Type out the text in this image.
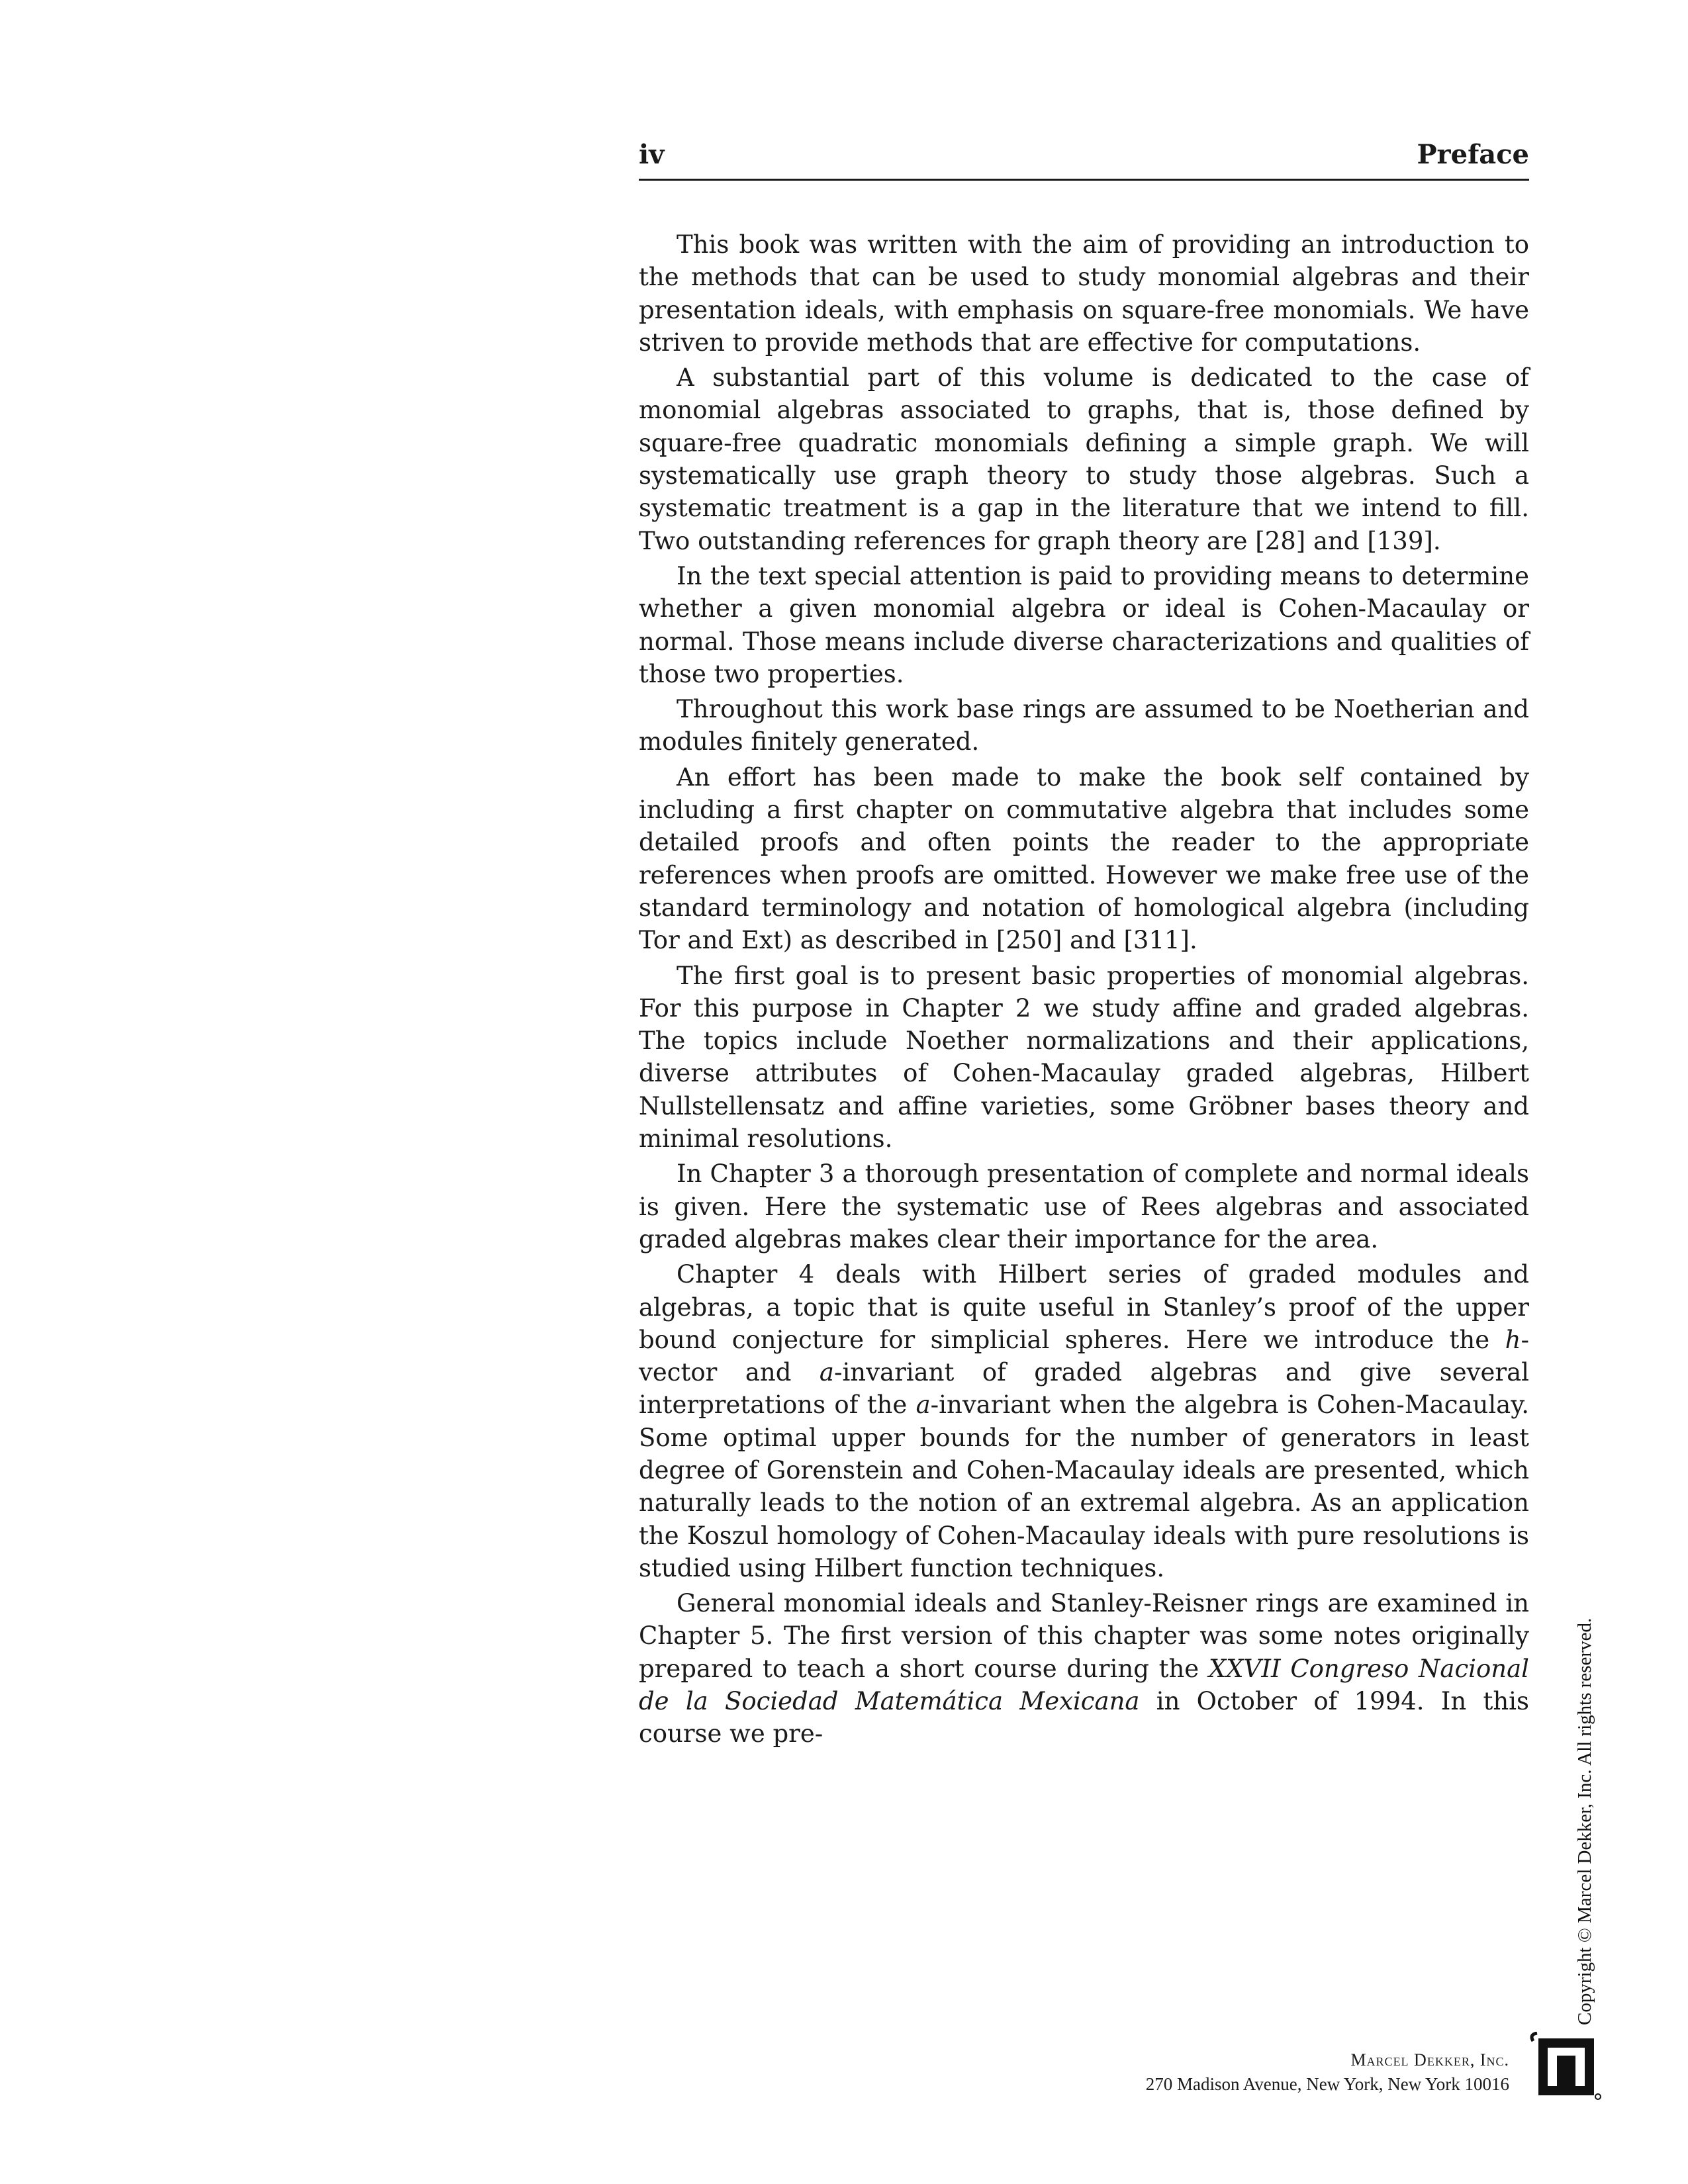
iv	Preface

This book was written with the aim of providing an introduction to the methods that can be used to study monomial algebras and their presentation ideals, with emphasis on square-free monomials. We have striven to provide methods that are effective for computations.

A substantial part of this volume is dedicated to the case of monomial algebras associated to graphs, that is, those defined by square-free quadratic monomials defining a simple graph. We will systematically use graph theory to study those algebras. Such a systematic treatment is a gap in the literature that we intend to fill. Two outstanding references for graph theory are [28] and [139].

In the text special attention is paid to providing means to determine whether a given monomial algebra or ideal is Cohen-Macaulay or normal. Those means include diverse characterizations and qualities of those two properties.

Throughout this work base rings are assumed to be Noetherian and modules finitely generated.

An effort has been made to make the book self contained by including a first chapter on commutative algebra that includes some detailed proofs and often points the reader to the appropriate references when proofs are omitted. However we make free use of the standard terminology and notation of homological algebra (including Tor and Ext) as described in [250] and [311].

The first goal is to present basic properties of monomial algebras. For this purpose in Chapter 2 we study affine and graded algebras. The topics include Noether normalizations and their applications, diverse attributes of Cohen-Macaulay graded algebras, Hilbert Nullstellensatz and affine varieties, some Gröbner bases theory and minimal resolutions.

In Chapter 3 a thorough presentation of complete and normal ideals is given. Here the systematic use of Rees algebras and associated graded algebras makes clear their importance for the area.

Chapter 4 deals with Hilbert series of graded modules and algebras, a topic that is quite useful in Stanley’s proof of the upper bound conjecture for simplicial spheres. Here we introduce the h-vector and a-invariant of graded algebras and give several interpretations of the a-invariant when the algebra is Cohen-Macaulay. Some optimal upper bounds for the number of generators in least degree of Gorenstein and Cohen-Macaulay ideals are presented, which naturally leads to the notion of an extremal algebra. As an application the Koszul homology of Cohen-Macaulay ideals with pure resolutions is studied using Hilbert function techniques.

General monomial ideals and Stanley-Reisner rings are examined in Chapter 5. The first version of this chapter was some notes originally prepared to teach a short course during the XXVII Congreso Nacional de la Sociedad Matemática Mexicana in October of 1994. In this course we pre-

Marcel Dekker, Inc.
270 Madison Avenue, New York, New York 10016
Copyright © Marcel Dekker, Inc. All rights reserved.
